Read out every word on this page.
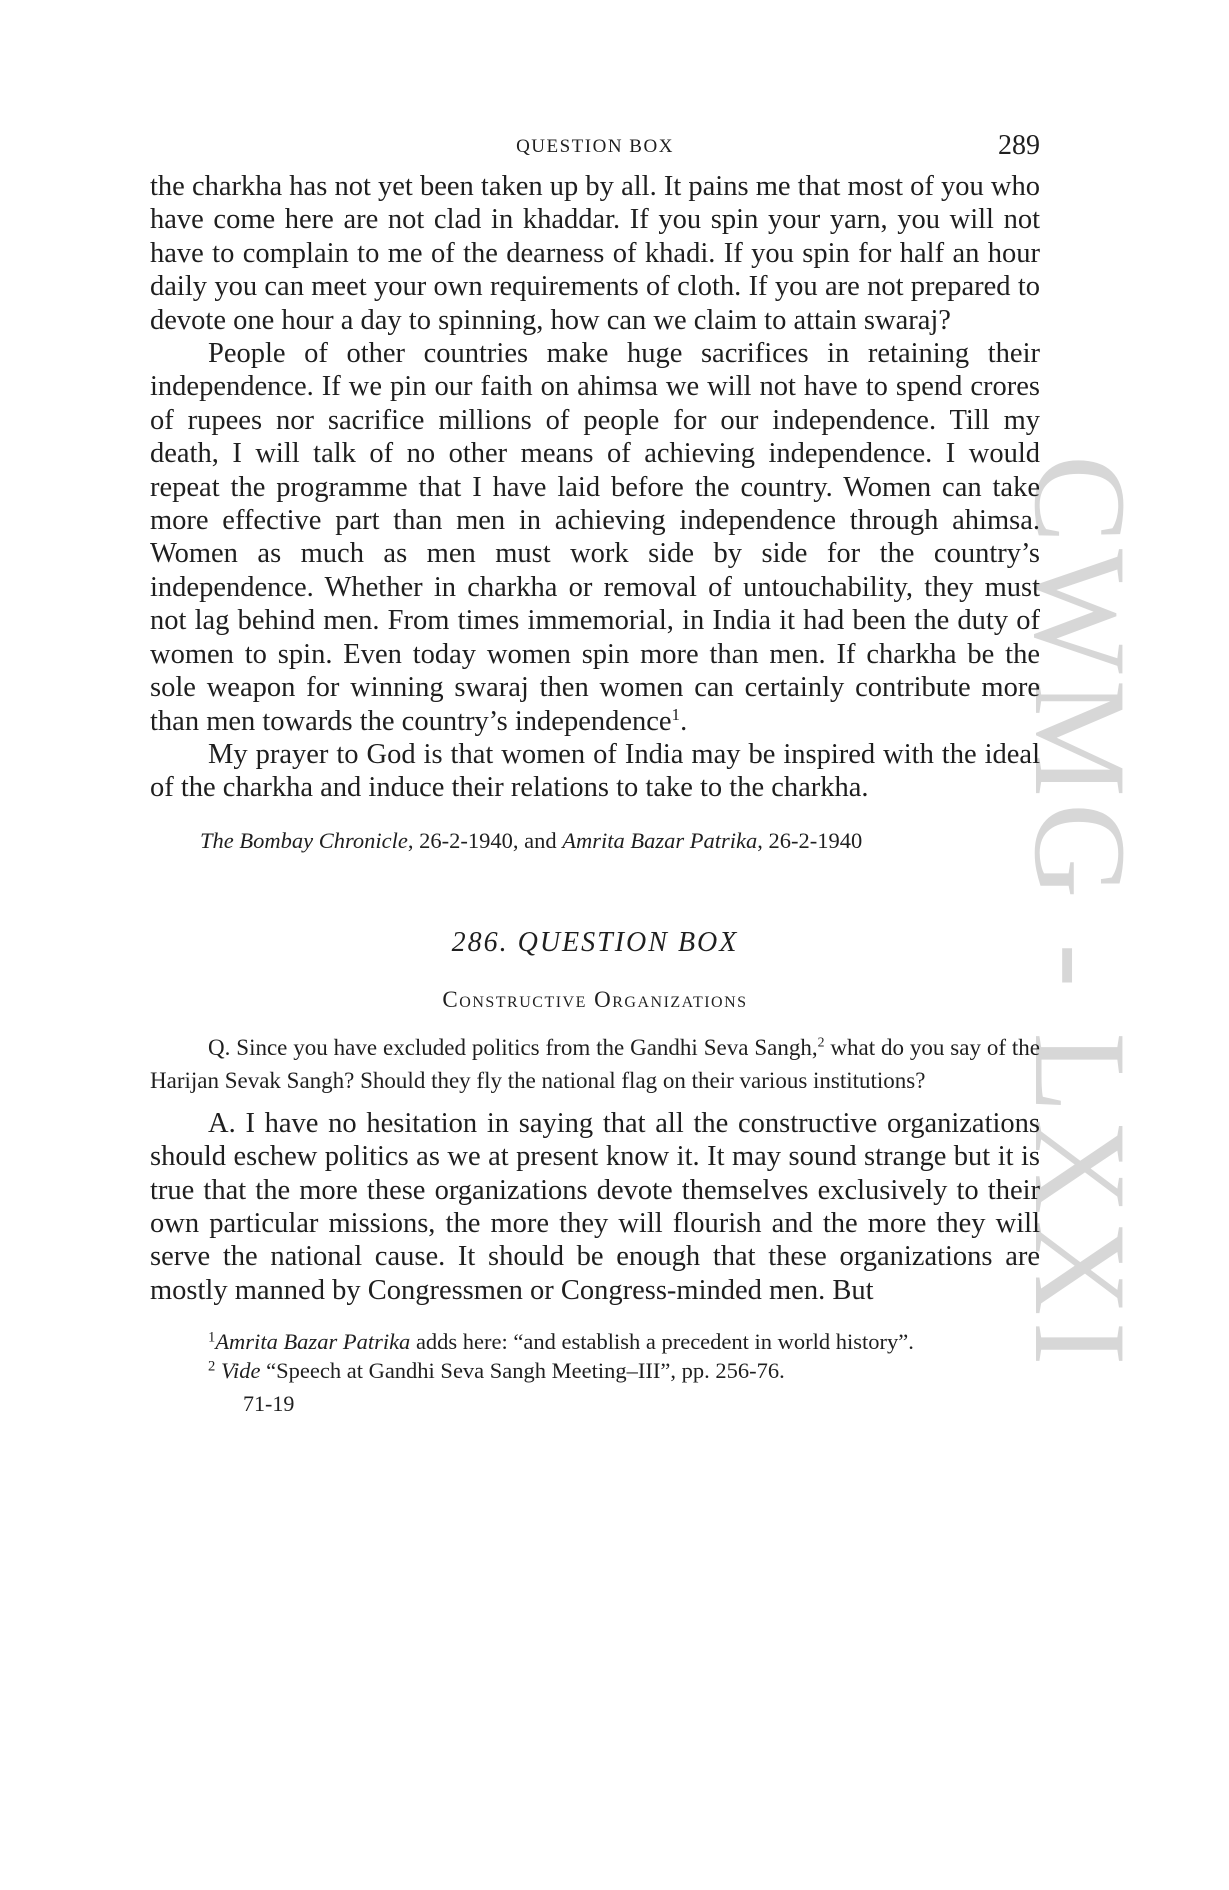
CWMG - LXXI
QUESTION BOX	289

the charkha has not yet been taken up by all. It pains me that most of you who have come here are not clad in khaddar. If you spin your yarn, you will not have to complain to me of the dearness of khadi. If you spin for half an hour daily you can meet your own requirements of cloth. If you are not prepared to devote one hour a day to spinning, how can we claim to attain swaraj?

People of other countries make huge sacrifices in retaining their independence. If we pin our faith on ahimsa we will not have to spend crores of rupees nor sacrifice millions of people for our independence. Till my death, I will talk of no other means of achieving independence. I would repeat the programme that I have laid before the country. Women can take more effective part than men in achieving independence through ahimsa. Women as much as men must work side by side for the country’s independence. Whether in charkha or removal of untouchability, they must not lag behind men. From times immemorial, in India it had been the duty of women to spin. Even today women spin more than men. If charkha be the sole weapon for winning swaraj then women can certainly contribute more than men towards the country’s independence$^1$.

My prayer to God is that women of India may be inspired with the ideal of the charkha and induce their relations to take to the charkha.

The Bombay Chronicle, 26-2-1940, and Amrita Bazar Patrika, 26-2-1940
286. QUESTION BOX
Constructive Organizations

Q. Since you have excluded politics from the Gandhi Seva Sangh,$^2$ what do you say of the Harijan Sevak Sangh? Should they fly the national flag on their various institutions?

A. I have no hesitation in saying that all the constructive organizations should eschew politics as we at present know it. It may sound strange but it is true that the more these organizations devote themselves exclusively to their own particular missions, the more they will flourish and the more they will serve the national cause. It should be enough that these organizations are mostly manned by Congressmen or Congress-minded men. But

$^1$Amrita Bazar Patrika adds here: “and establish a precedent in world history”.
$^2$ Vide “Speech at Gandhi Seva Sangh Meeting–III”, pp. 256-76.
71-19
